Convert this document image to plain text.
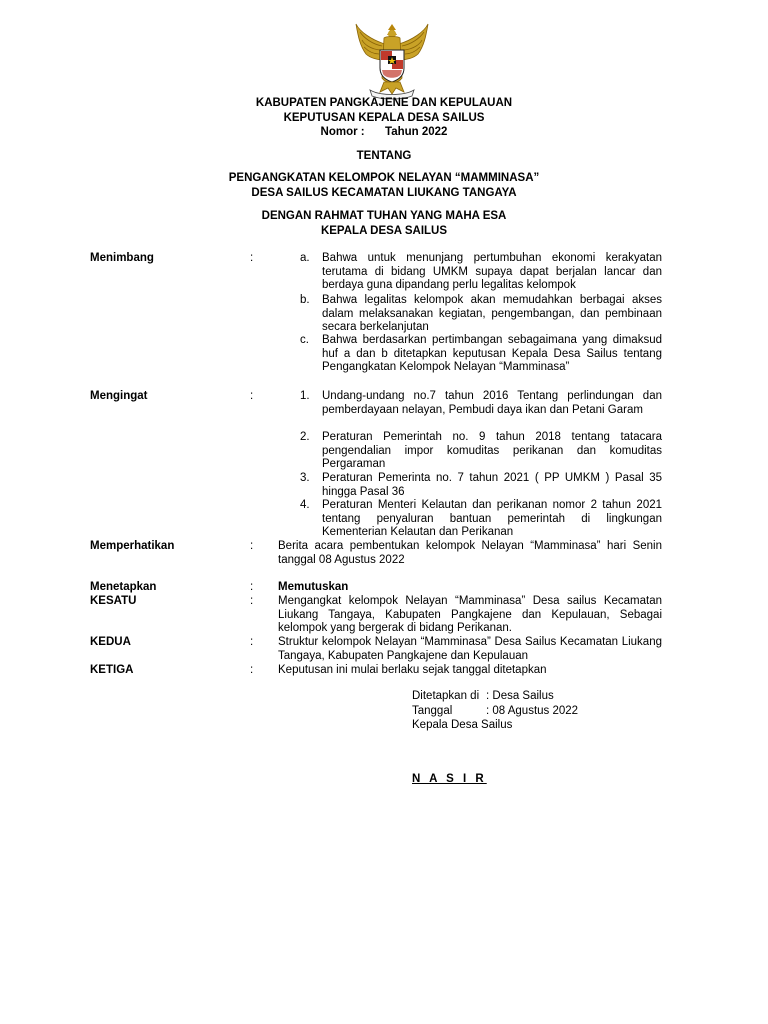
KABUPATEN PANGKAJENE DAN KEPULAUAN
KEPUTUSAN KEPALA DESA SAILUS
Nomor : Tahun 2022
TENTANG
PENGANGKATAN KELOMPOK NELAYAN “MAMMINASA”
DESA SAILUS KECAMATAN LIUKANG TANGAYA
DENGAN RAHMAT TUHAN YANG MAHA ESA
KEPALA DESA SAILUS
Menimbang	:	a. Bahwa untuk menunjang pertumbuhan ekonomi kerakyatan terutama di bidang UMKM supaya dapat berjalan lancar dan berdaya guna dipandang perlu legalitas kelompok
b. Bahwa legalitas kelompok akan memudahkan berbagai akses dalam melaksanakan kegiatan, pengembangan, dan pembinaan secara berkelanjutan
c. Bahwa berdasarkan pertimbangan sebagaimana yang dimaksud huf a dan b ditetapkan keputusan Kepala Desa Sailus tentang Pengangkatan Kelompok Nelayan “Mamminasa”
Mengingat	:	1. Undang-undang no.7 tahun 2016 Tentang perlindungan dan pemberdayaan nelayan, Pembudi daya ikan dan Petani Garam
2. Peraturan Pemerintah no. 9 tahun 2018 tentang tatacara pengendalian impor komuditas perikanan dan komuditas Pergaraman
3. Peraturan Pemerinta no. 7 tahun 2021 ( PP UMKM ) Pasal 35 hingga Pasal 36
4. Peraturan Menteri Kelautan dan perikanan nomor 2 tahun 2021 tentang penyaluran bantuan pemerintah di lingkungan Kementerian Kelautan dan Perikanan
Memperhatikan	: Berita acara pembentukan kelompok Nelayan “Mamminasa” hari Senin tanggal 08 Agustus 2022
Menetapkan	: Memutuskan
KESATU	: Mengangkat kelompok Nelayan “Mamminasa” Desa sailus Kecamatan Liukang Tangaya, Kabupaten Pangkajene dan Kepulauan, Sebagai kelompok yang bergerak di bidang Perikanan.
KEDUA	: Struktur kelompok Nelayan “Mamminasa” Desa Sailus Kecamatan Liukang Tangaya, Kabupaten Pangkajene dan Kepulauan
KETIGA	: Keputusan ini mulai berlaku sejak tanggal ditetapkan
Ditetapkan di : Desa Sailus
Tanggal	: 08 Agustus 2022
Kepala Desa Sailus
N A S I R
